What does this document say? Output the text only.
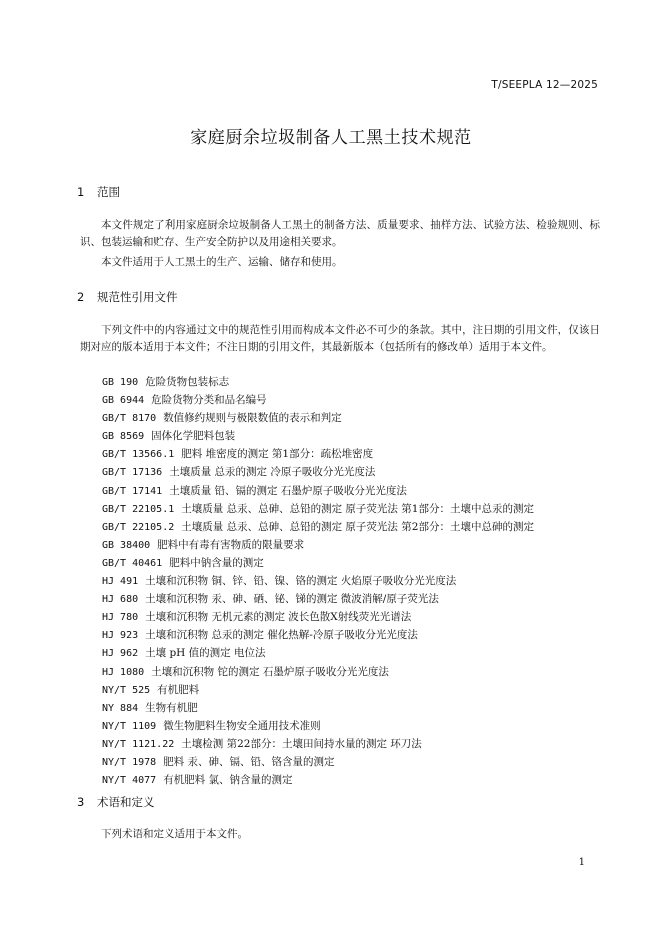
T/SEEPLA 12—2025
家庭厨余垃圾制备人工黑土技术规范
1 范围

本文件规定了利用家庭厨余垃圾制备人工黑土的制备方法、质量要求、抽样方法、试验方法、检验规则、标识、包装运输和贮存、生产安全防护以及用途相关要求。

本文件适用于人工黑土的生产、运输、储存和使用。

2 规范性引用文件

下列文件中的内容通过文中的规范性引用而构成本文件必不可少的条款。其中，注日期的引用文件，仅该日期对应的版本适用于本文件；不注日期的引用文件，其最新版本（包括所有的修改单）适用于本文件。

GB 190 危险货物包装标志
GB 6944 危险货物分类和品名编号
GB/T 8170 数值修约规则与极限数值的表示和判定
GB 8569 固体化学肥料包装
GB/T 13566.1 肥料 堆密度的测定 第1部分：疏松堆密度
GB/T 17136 土壤质量 总汞的测定 冷原子吸收分光光度法
GB/T 17141 土壤质量 铅、镉的测定 石墨炉原子吸收分光光度法
GB/T 22105.1 土壤质量 总汞、总砷、总铅的测定 原子荧光法 第1部分：土壤中总汞的测定
GB/T 22105.2 土壤质量 总汞、总砷、总铅的测定 原子荧光法 第2部分：土壤中总砷的测定
GB 38400 肥料中有毒有害物质的限量要求
GB/T 40461 肥料中钠含量的测定
HJ 491 土壤和沉积物 铜、锌、铅、镍、铬的测定 火焰原子吸收分光光度法
HJ 680 土壤和沉积物 汞、砷、硒、铋、锑的测定 微波消解/原子荧光法
HJ 780 土壤和沉积物 无机元素的测定 波长色散X射线荧光光谱法
HJ 923 土壤和沉积物 总汞的测定 催化热解-冷原子吸收分光光度法
HJ 962 土壤 pH 值的测定 电位法
HJ 1080 土壤和沉积物 铊的测定 石墨炉原子吸收分光光度法
NY/T 525 有机肥料
NY 884 生物有机肥
NY/T 1109 微生物肥料生物安全通用技术准则
NY/T 1121.22 土壤检测 第22部分：土壤田间持水量的测定 环刀法
NY/T 1978 肥料 汞、砷、镉、铅、铬含量的测定
NY/T 4077 有机肥料 氯、钠含量的测定
3 术语和定义

下列术语和定义适用于本文件。

1
